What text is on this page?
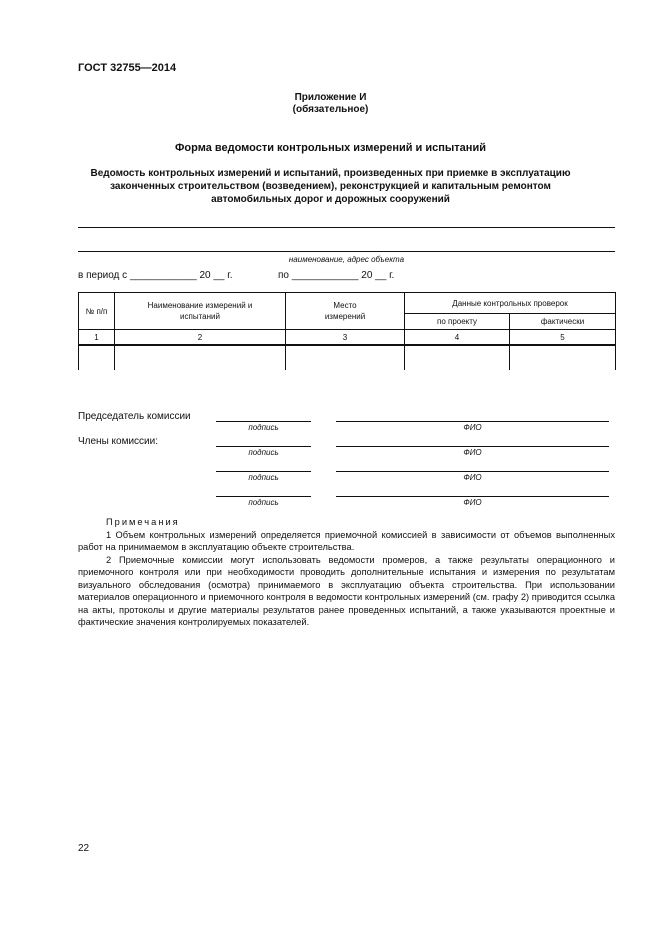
ГОСТ 32755—2014
Приложение И
(обязательное)
Форма ведомости контрольных измерений и испытаний
Ведомость контрольных измерений и испытаний, произведенных при приемке в эксплуатацию
законченных строительством (возведением), реконструкцией и капитальным ремонтом
автомобильных дорог и дорожных сооружений
наименование, адрес объекта
в период с ____________ 20 __ г.	по ____________ 20 __ г.
№ п/п	Наименование измерений и испытаний	Место измерений	Данные контрольных проверок	
			по проекту	фактически
1	2	3	4	5

Председатель комиссии
Члены комиссии:
подпись	ФИО
подпись	ФИО
подпись	ФИО
подпись	ФИО
Примечания

1 Объем контрольных измерений определяется приемочной комиссией в зависимости от объемов выполненных работ на принимаемом в эксплуатацию объекте строительства.

2 Приемочные комиссии могут использовать ведомости промеров, а также результаты операционного и приемочного контроля или при необходимости проводить дополнительные испытания и измерения по результатам визуального обследования (осмотра) принимаемого в эксплуатацию объекта строительства. При использовании материалов операционного и приемочного контроля в ведомости контрольных измерений (см. графу 2) приводится ссылка на акты, протоколы и другие материалы результатов ранее проведенных испытаний, а также указываются проектные и фактические значения контролируемых показателей.

22
